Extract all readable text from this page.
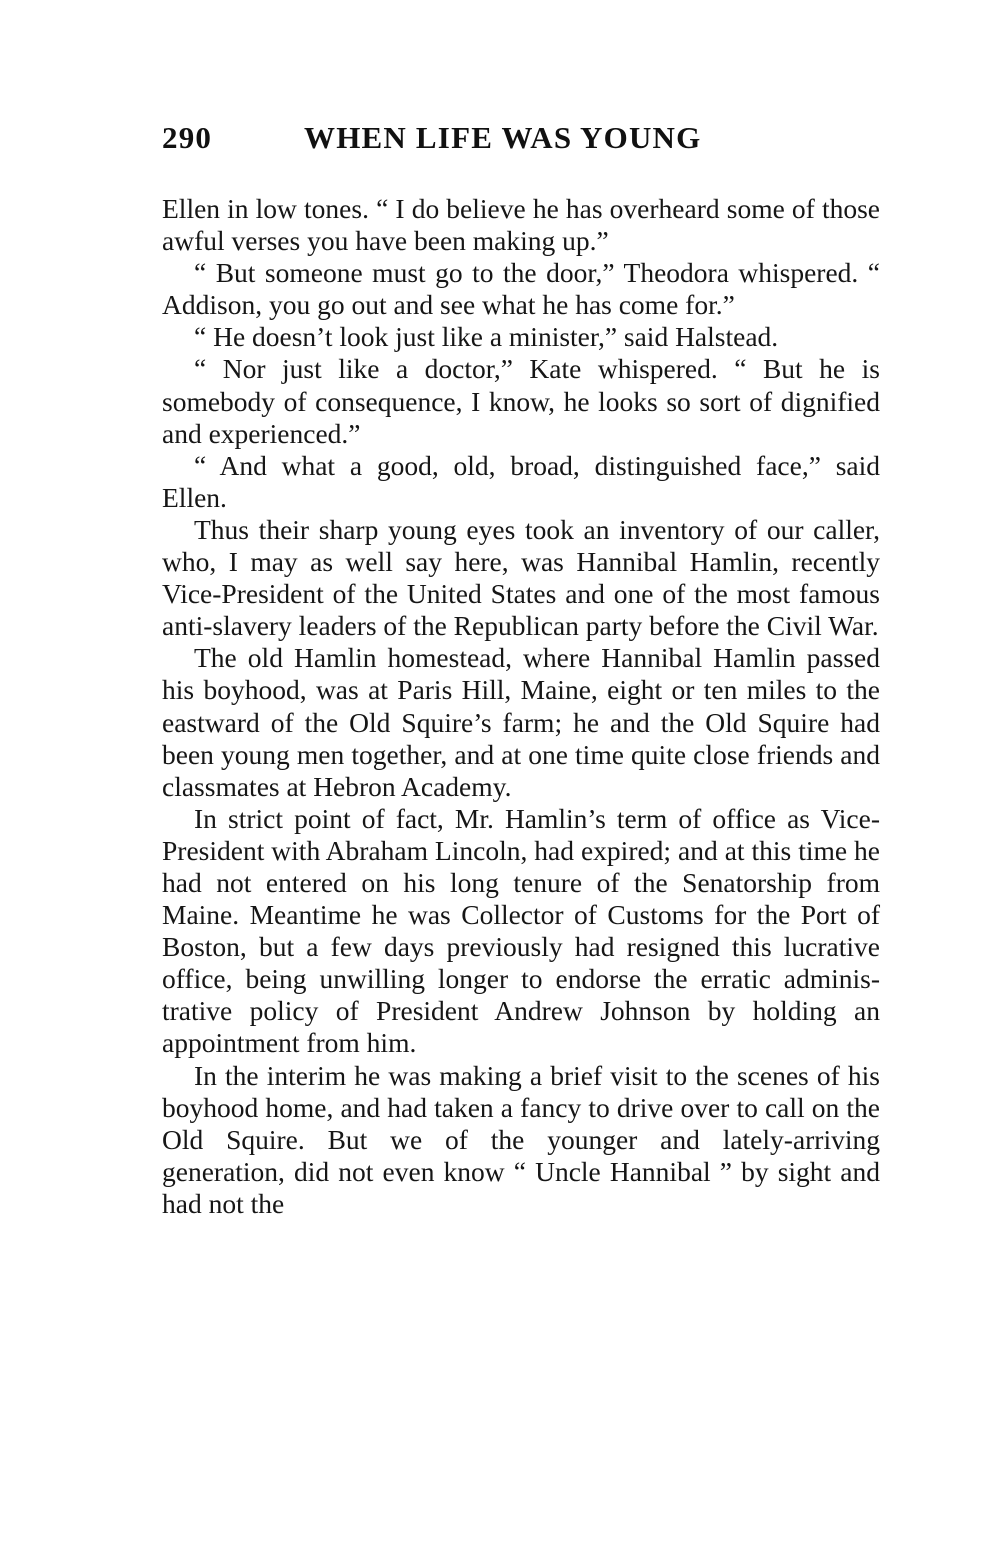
290	WHEN LIFE WAS YOUNG

Ellen in low tones. “ I do believe he has overheard some of those awful verses you have been making up.”

“ But someone must go to the door,” Theodora whispered. “ Addison, you go out and see what he has come for.”

“ He doesn’t look just like a minister,” said Halstead.

“ Nor just like a doctor,” Kate whispered. “ But he is somebody of consequence, I know, he looks so sort of dignified and experienced.”

“ And what a good, old, broad, distinguished face,” said Ellen.

Thus their sharp young eyes took an inventory of our caller, who, I may as well say here, was Hannibal Hamlin, recently Vice-President of the United States and one of the most famous anti-slavery leaders of the Republican party before the Civil War.

The old Hamlin homestead, where Hannibal Hamlin passed his boyhood, was at Paris Hill, Maine, eight or ten miles to the eastward of the Old Squire’s farm; he and the Old Squire had been young men together, and at one time quite close friends and classmates at Hebron Academy.

In strict point of fact, Mr. Hamlin’s term of office as Vice-President with Abraham Lincoln, had expired; and at this time he had not entered on his long tenure of the Senatorship from Maine. Meantime he was Collector of Customs for the Port of Boston, but a few days previously had resigned this lucrative office, being unwilling longer to endorse the erratic administrative policy of President Andrew Johnson by holding an appointment from him.

In the interim he was making a brief visit to the scenes of his boyhood home, and had taken a fancy to drive over to call on the Old Squire. But we of the younger and lately-arriving generation, did not even know “ Uncle Hannibal ” by sight and had not the
